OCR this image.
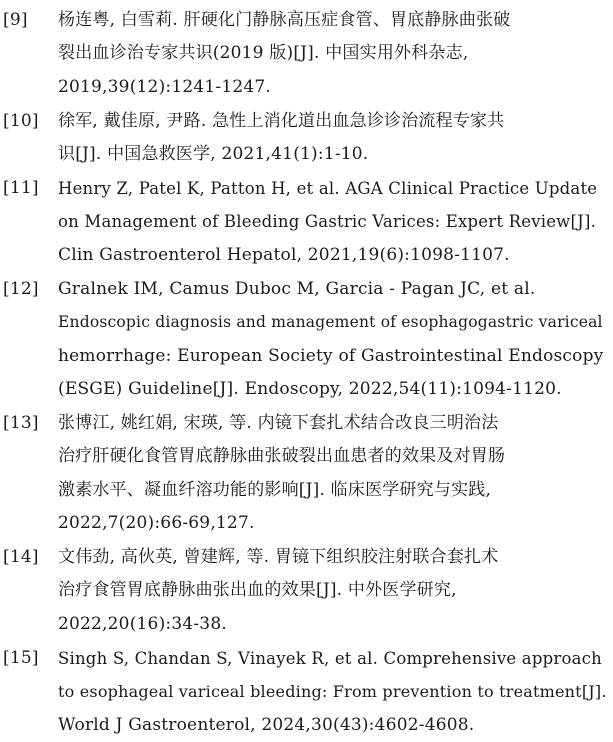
[9] 杨连粤, 白雪莉. 肝硬化门静脉高压症食管、胃底静脉曲张破
裂出血诊治专家共识(2019 版)[J]. 中国实用外科杂志,
2019,39(12):1241-1247.
[10] 徐军, 戴佳原, 尹路. 急性上消化道出血急诊诊治流程专家共
识[J]. 中国急救医学, 2021,41(1):1-10.
[11] Henry Z, Patel K, Patton H, et al. AGA Clinical Practice Update
on Management of Bleeding Gastric Varices: Expert Review[J].
Clin Gastroenterol Hepatol, 2021,19(6):1098-1107.
[12] Gralnek IM, Camus Duboc M, Garcia - Pagan JC, et al.
Endoscopic diagnosis and management of esophagogastric variceal
hemorrhage: European Society of Gastrointestinal Endoscopy
(ESGE) Guideline[J]. Endoscopy, 2022,54(11):1094-1120.
[13] 张博江, 姚红娟, 宋瑛, 等. 内镜下套扎术结合改良三明治法
治疗肝硬化食管胃底静脉曲张破裂出血患者的效果及对胃肠
激素水平、凝血纤溶功能的影响[J]. 临床医学研究与实践,
2022,7(20):66-69,127.
[14] 文伟劲, 高伙英, 曾建辉, 等. 胃镜下组织胶注射联合套扎术
治疗食管胃底静脉曲张出血的效果[J]. 中外医学研究,
2022,20(16):34-38.
[15] Singh S, Chandan S, Vinayek R, et al. Comprehensive approach
to esophageal variceal bleeding: From prevention to treatment[J].
World J Gastroenterol, 2024,30(43):4602-4608.
